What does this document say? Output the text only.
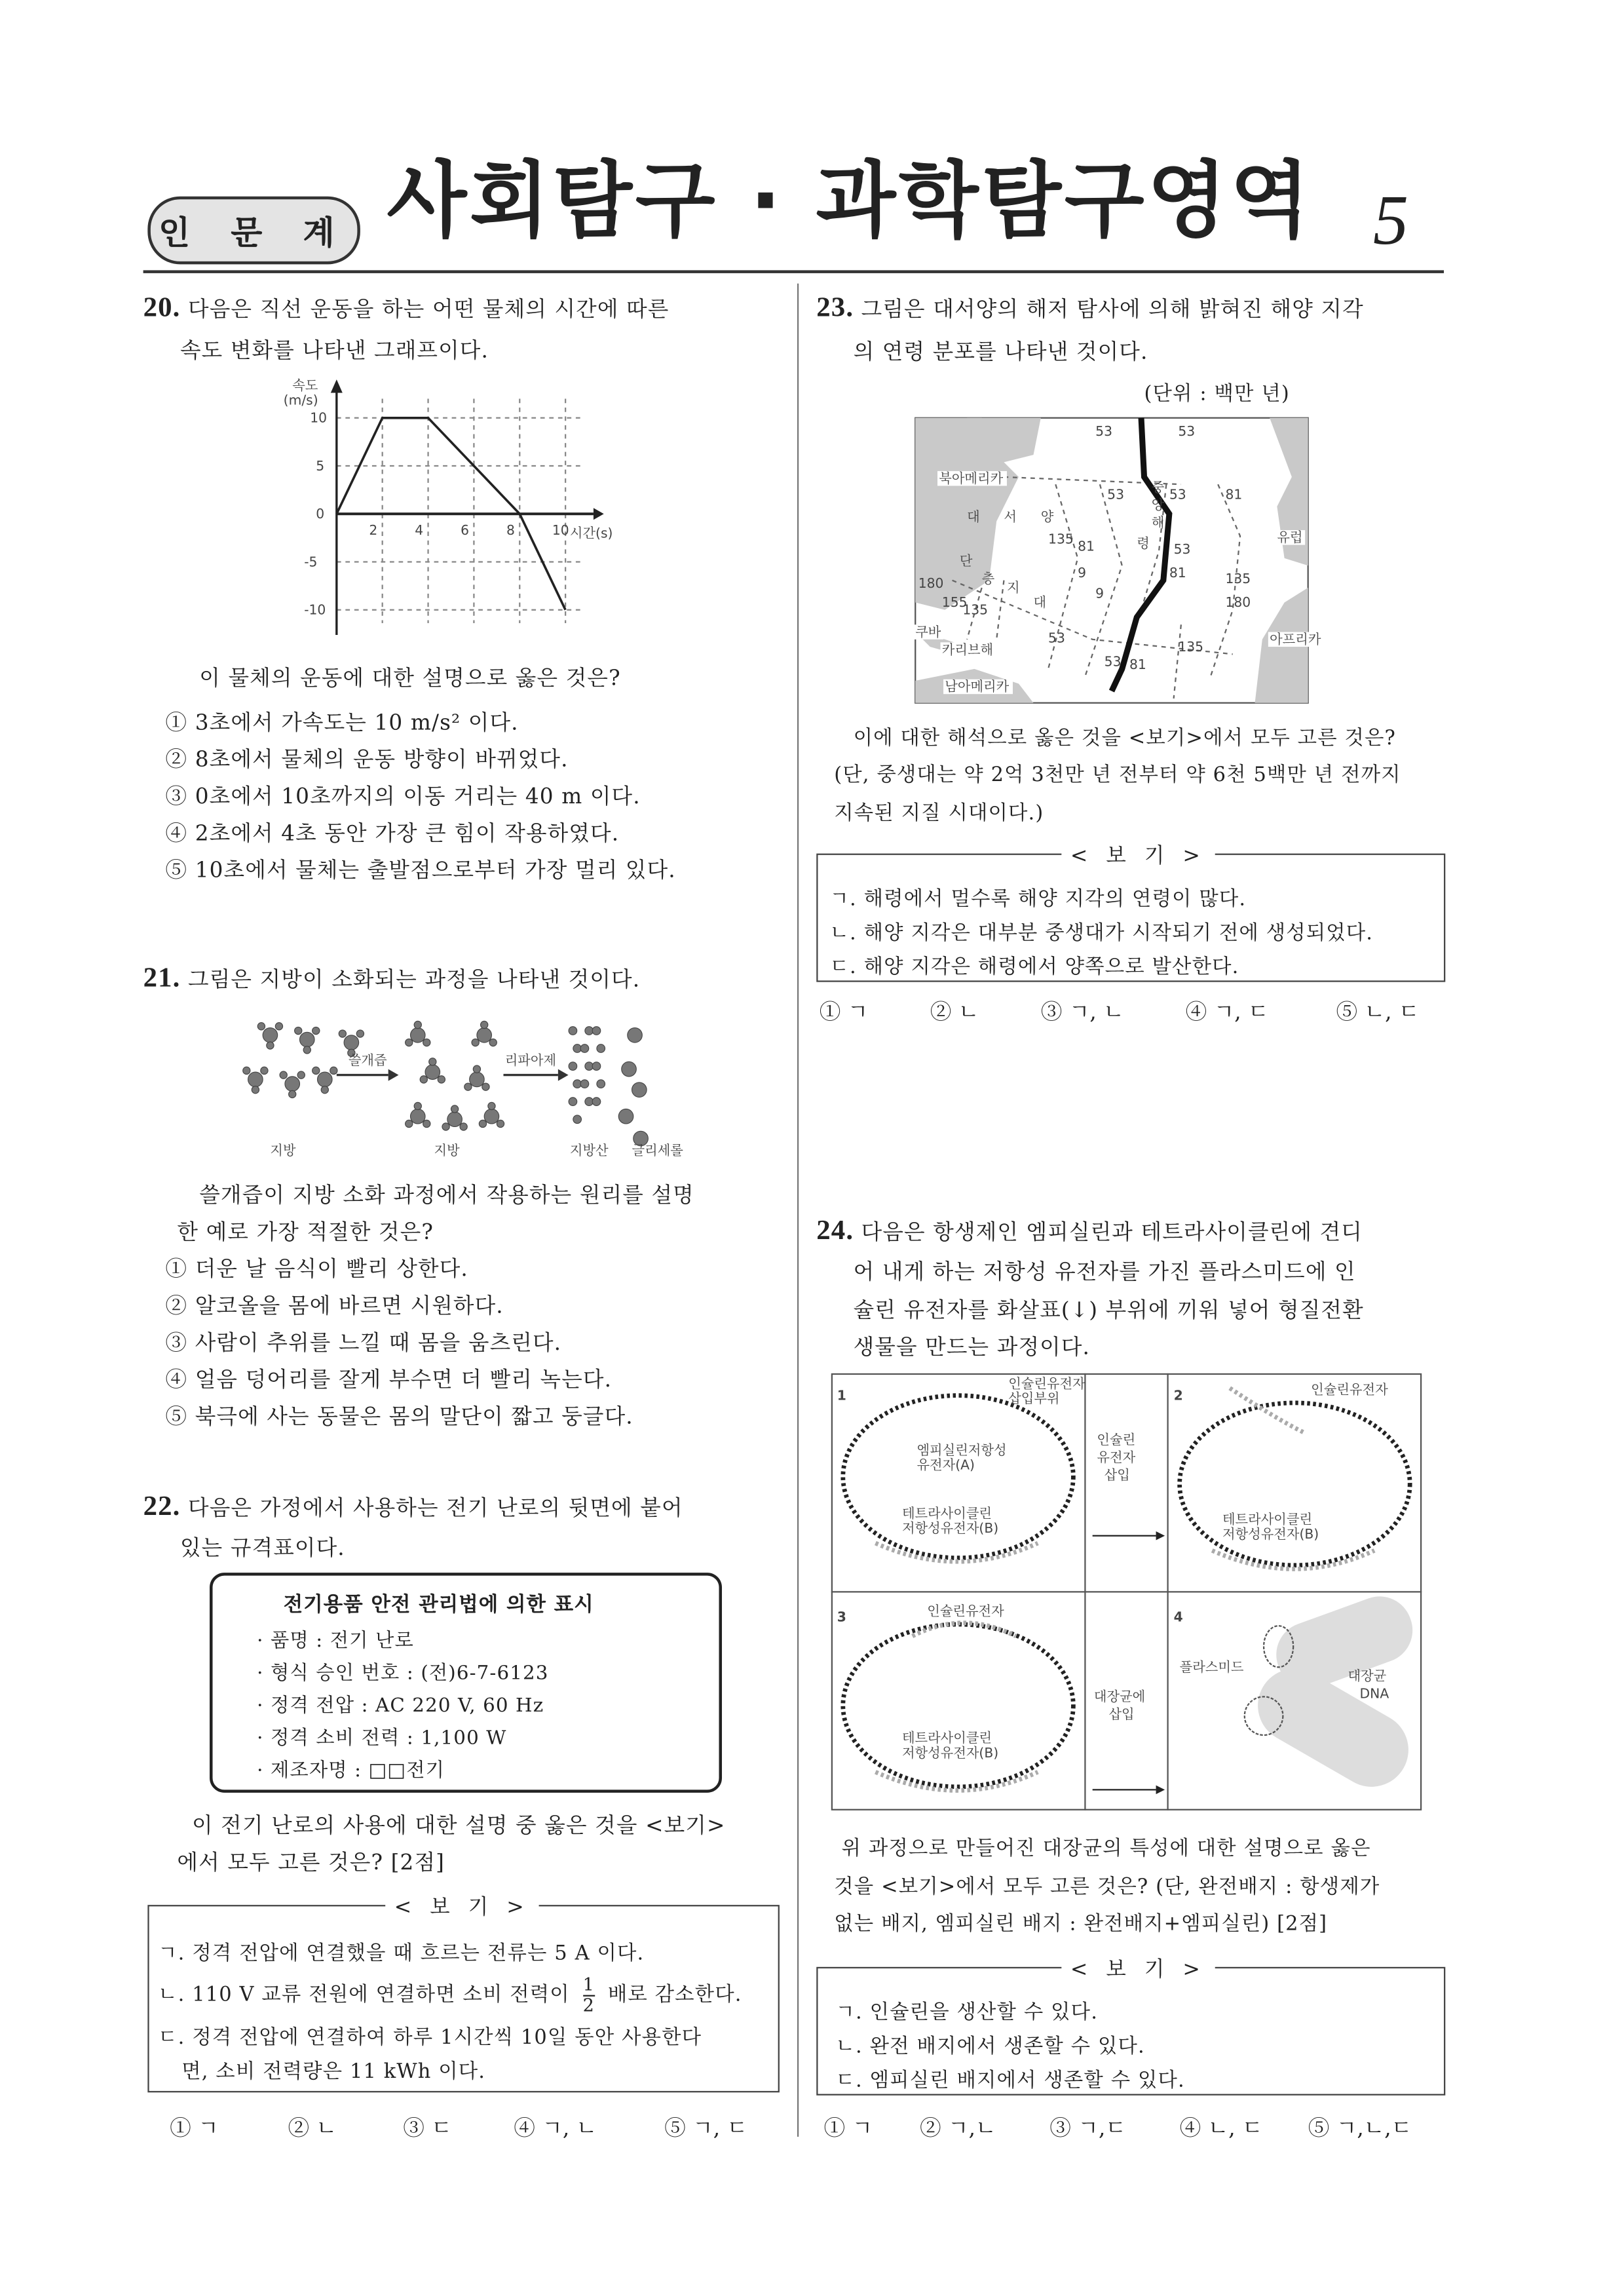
인 문 계	사회탐구 · 과학탐구영역 5
20. 다음은 직선 운동을 하는 어떤 물체의 시간에 따른
속도 변화를 나타낸 그래프이다.
2	4	6	8	10
10
5
0
-5
-10
속도
(m/s)
시간(s)
이 물체의 운동에 대한 설명으로 옳은 것은?
① 3초에서 가속도는 10 m/s² 이다.
② 8초에서 물체의 운동 방향이 바뀌었다.
③ 0초에서 10초까지의 이동 거리는 40 m 이다.
④ 2초에서 4초 동안 가장 큰 힘이 작용하였다.
⑤ 10초에서 물체는 출발점으로부터 가장 멀리 있다.
21. 그림은 지방이 소화되는 과정을 나타낸 것이다.
쓸개즙	리파아제
지방	지방	지방산	글리세롤
쓸개즙이 지방 소화 과정에서 작용하는 원리를 설명
한 예로 가장 적절한 것은?
① 더운 날 음식이 빨리 상한다.
② 알코올을 몸에 바르면 시원하다.
③ 사람이 추위를 느낄 때 몸을 움츠린다.
④ 얼음 덩어리를 잘게 부수면 더 빨리 녹는다.
⑤ 북극에 사는 동물은 몸의 말단이 짧고 둥글다.
22. 다음은 가정에서 사용하는 전기 난로의 뒷면에 붙어
있는 규격표이다.
전기용품 안전 관리법에 의한 표시
· 품명 : 전기 난로
· 형식 승인 번호 : (전)6-7-6123
· 정격 전압 : AC 220 V, 60 Hz
· 정격 소비 전력 : 1,100 W
· 제조자명 : □□전기
이 전기 난로의 사용에 대한 설명 중 옳은 것을 <보기>
에서 모두 고른 것은? [2점]
< 보 기 >
ㄱ. 정격 전압에 연결했을 때 흐르는 전류는 5 A 이다.
ㄴ. 110 V 교류 전원에 연결하면 소비 전력이 $\frac{1}{2}$ 배로 감소한다.
ㄷ. 정격 전압에 연결하여 하루 1시간씩 10일 동안 사용한다
면, 소비 전력량은 11 kWh 이다.
① ㄱ	② ㄴ	③ ㄷ	④ ㄱ, ㄴ	⑤ ㄱ, ㄷ
23. 그림은 대서양의 해저 탐사에 의해 밝혀진 해양 지각
의 연령 분포를 나타낸 것이다.
(단위 : 백만 년)
북아메리카
유럽
아프리카
남아메리카
카리브해
쿠바
대	서	양
중
앙
해
령
단
층
지
대
53	53
53	53	81
135 81	53
81
9
9
180
155
135
135
180
53
135
53 81
이에 대한 해석으로 옳은 것을 <보기>에서 모두 고른 것은?
(단, 중생대는 약 2억 3천만 년 전부터 약 6천 5백만 년 전까지
지속된 지질 시대이다.)
< 보 기 >
ㄱ. 해령에서 멀수록 해양 지각의 연령이 많다.
ㄴ. 해양 지각은 대부분 중생대가 시작되기 전에 생성되었다.
ㄷ. 해양 지각은 해령에서 양쪽으로 발산한다.
① ㄱ	② ㄴ	③ ㄱ, ㄴ	④ ㄱ, ㄷ	⑤ ㄴ, ㄷ
24. 다음은 항생제인 엠피실린과 테트라사이클린에 견디
어 내게 하는 저항성 유전자를 가진 플라스미드에 인
슐린 유전자를 화살표(↓) 부위에 끼워 넣어 형질전환
생물을 만드는 과정이다.
1	2
3	4
인슐린유전자
삽입부위
엠피실린저항성
유전자(A)
테트라사이클린
저항성유전자(B)
인슐린
유전자
삽입
인슐린유전자
테트라사이클린
저항성유전자(B)
인슐린유전자
테트라사이클린
저항성유전자(B)
대장균에
삽입
플라스미드
대장균
DNA
위 과정으로 만들어진 대장균의 특성에 대한 설명으로 옳은
것을 <보기>에서 모두 고른 것은? (단, 완전배지 : 항생제가
없는 배지, 엠피실린 배지 : 완전배지+엠피실린) [2점]
< 보 기 >
ㄱ. 인슐린을 생산할 수 있다.
ㄴ. 완전 배지에서 생존할 수 있다.
ㄷ. 엠피실린 배지에서 생존할 수 있다.
① ㄱ	② ㄱ,ㄴ	③ ㄱ,ㄷ	④ ㄴ, ㄷ	⑤ ㄱ,ㄴ,ㄷ
